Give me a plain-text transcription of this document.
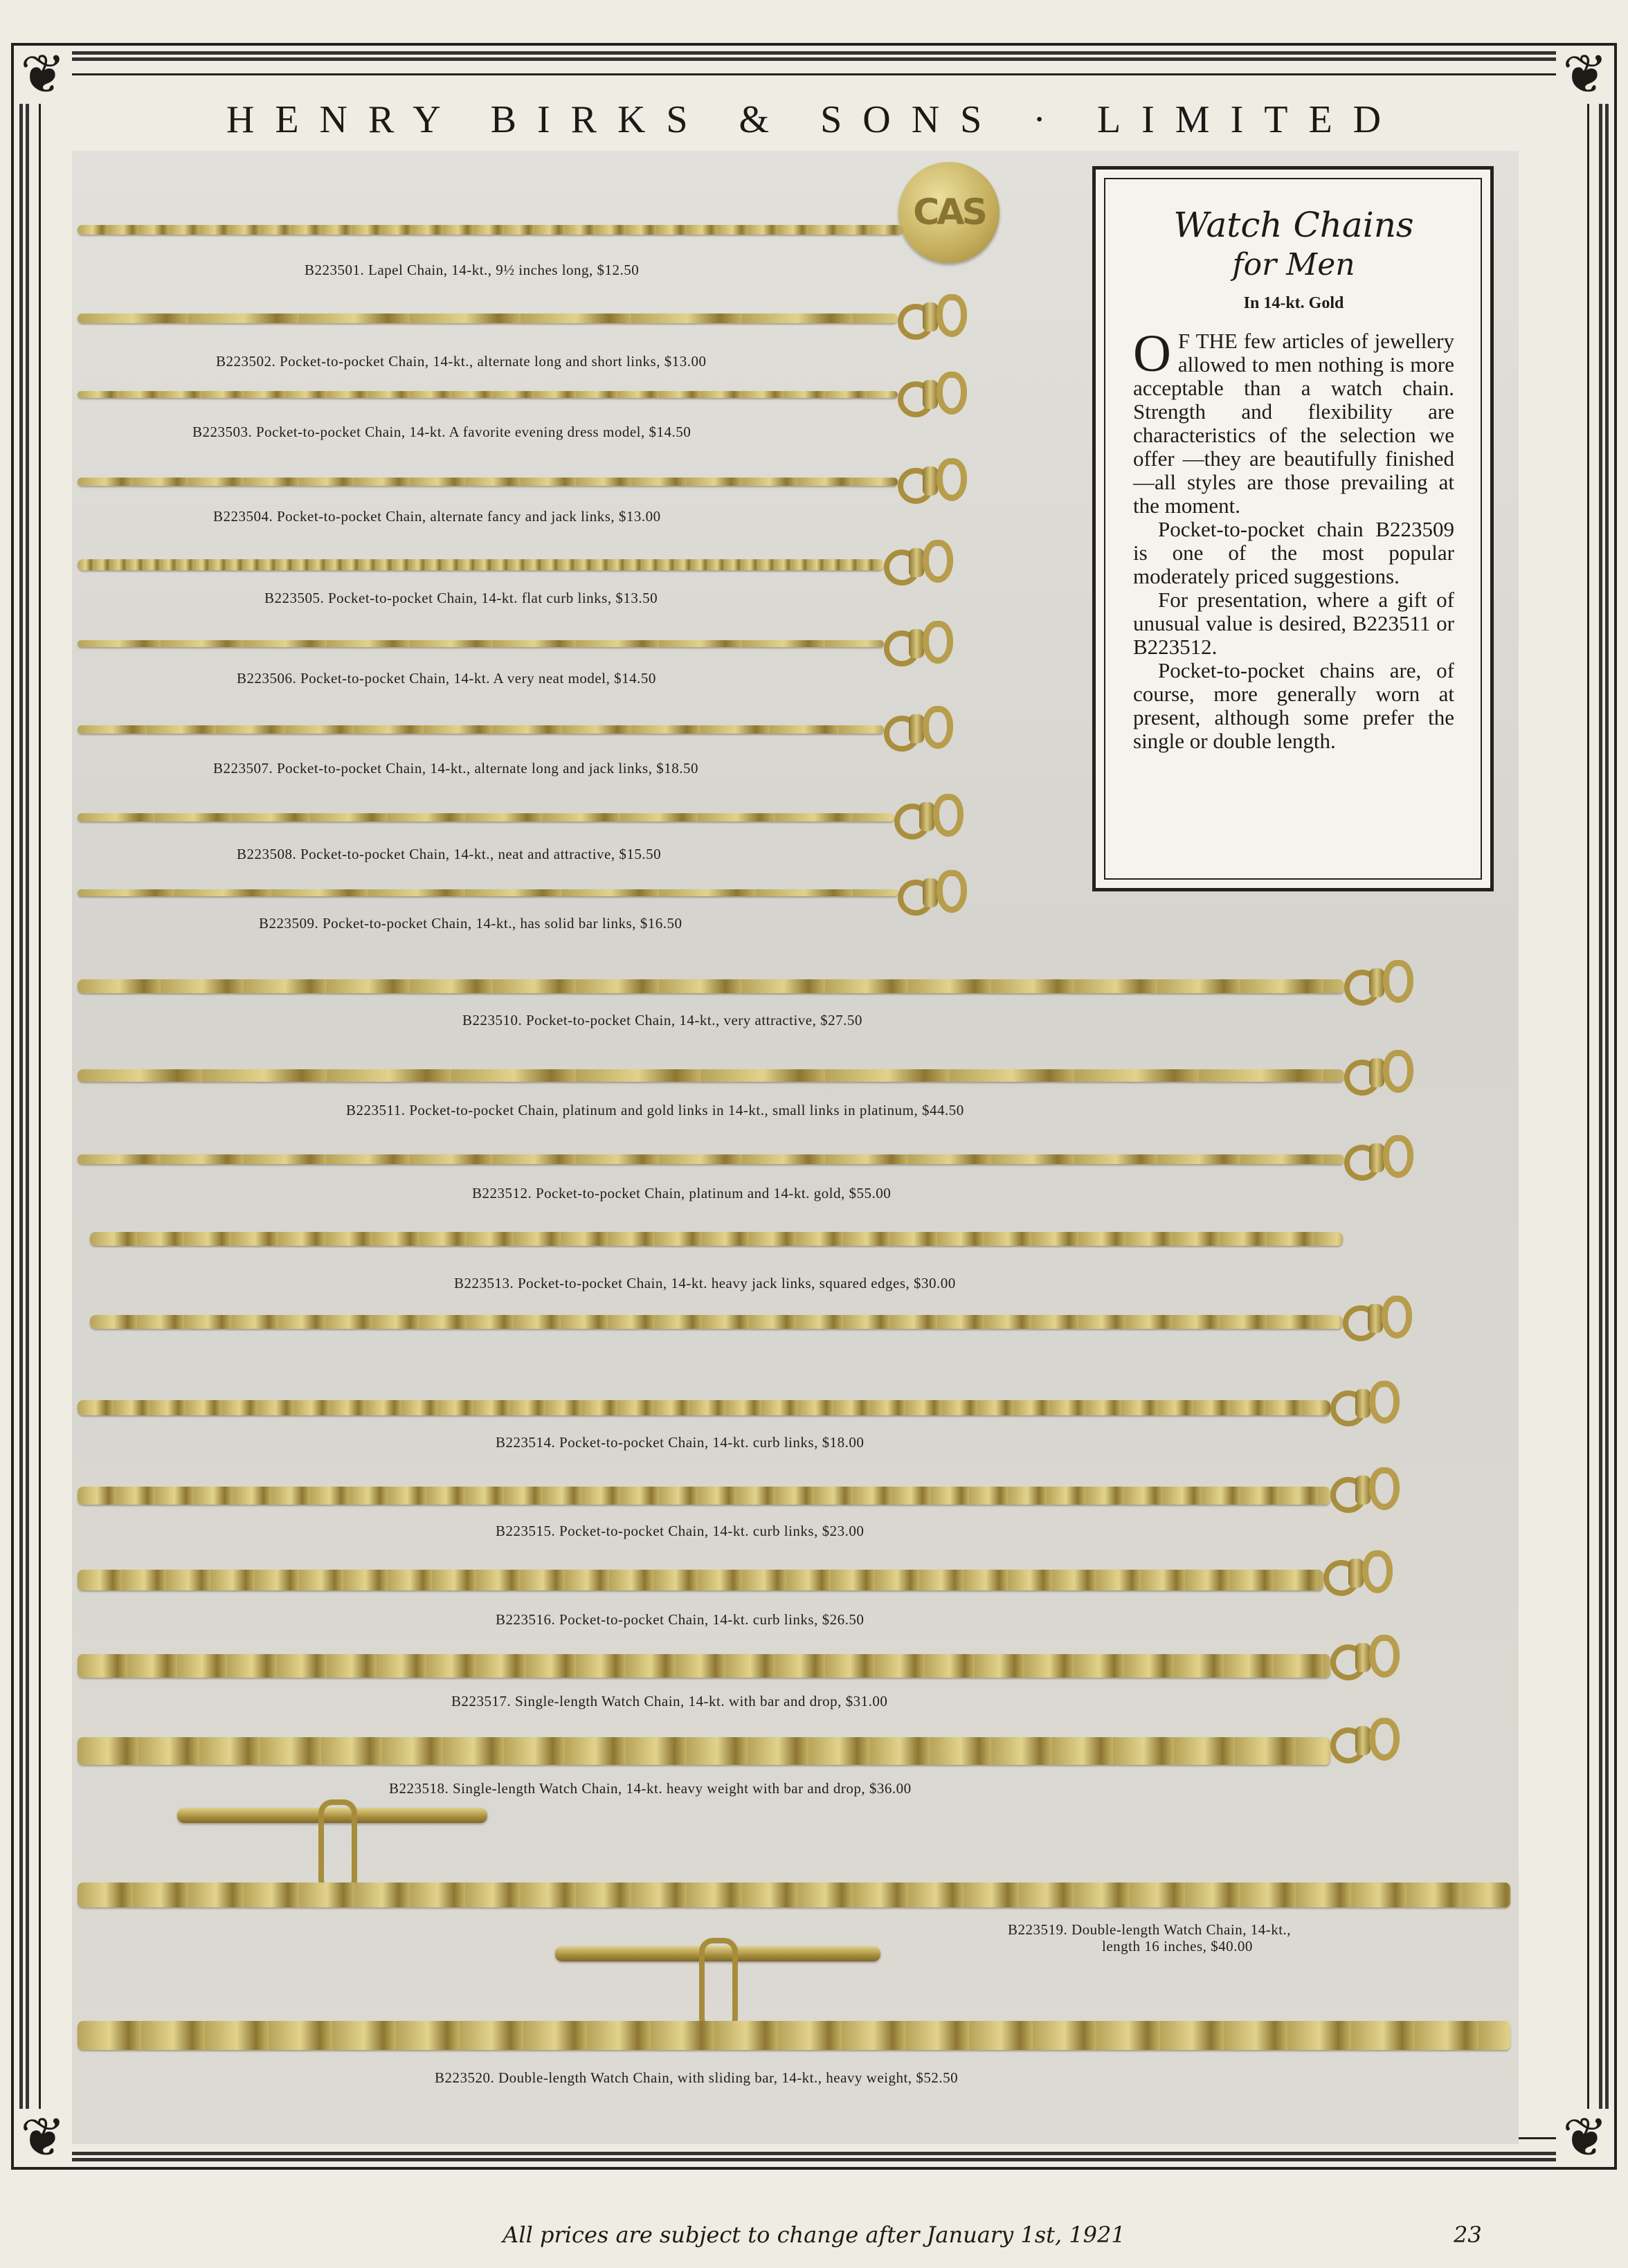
❦	❦
❦	❦
HENRY BIRKS & SONS · LIMITED
CAS
B223501. Lapel Chain, 14-kt., 9½ inches long, $12.50
B223502. Pocket-to-pocket Chain, 14-kt., alternate long and short links, $13.00
B223503. Pocket-to-pocket Chain, 14-kt. A favorite evening dress model, $14.50
B223504. Pocket-to-pocket Chain, alternate fancy and jack links, $13.00
B223505. Pocket-to-pocket Chain, 14-kt. flat curb links, $13.50
B223506. Pocket-to-pocket Chain, 14-kt. A very neat model, $14.50
B223507. Pocket-to-pocket Chain, 14-kt., alternate long and jack links, $18.50
B223508. Pocket-to-pocket Chain, 14-kt., neat and attractive, $15.50
B223509. Pocket-to-pocket Chain, 14-kt., has solid bar links, $16.50
B223510. Pocket-to-pocket Chain, 14-kt., very attractive, $27.50
B223511. Pocket-to-pocket Chain, platinum and gold links in 14-kt., small links in platinum, $44.50
B223512. Pocket-to-pocket Chain, platinum and 14-kt. gold, $55.00
B223513. Pocket-to-pocket Chain, 14-kt. heavy jack links, squared edges, $30.00
B223514. Pocket-to-pocket Chain, 14-kt. curb links, $18.00
B223515. Pocket-to-pocket Chain, 14-kt. curb links, $23.00
B223516. Pocket-to-pocket Chain, 14-kt. curb links, $26.50
B223517. Single-length Watch Chain, 14-kt. with bar and drop, $31.00
B223518. Single-length Watch Chain, 14-kt. heavy weight with bar and drop, $36.00
B223519. Double-length Watch Chain, 14-kt.,
length 16 inches, $40.00
B223520. Double-length Watch Chain, with sliding bar, 14-kt., heavy weight, $52.50

Watch Chains

for Men

In 14-kt. Gold

O F THE few articles of jewellery allowed to men nothing is more acceptable than a watch chain. Strength and flexibility are characteristics of the selection we offer —they are beautifully finished—all styles are those prevailing at the moment.

Pocket-to-pocket chain B223509 is one of the most popular moderately priced suggestions.

For presentation, where a gift of unusual value is desired, B223511 or B223512.

Pocket-to-pocket chains are, of course, more generally worn at present, although some prefer the single or double length.

All prices are subject to change after January 1st, 1921	23
